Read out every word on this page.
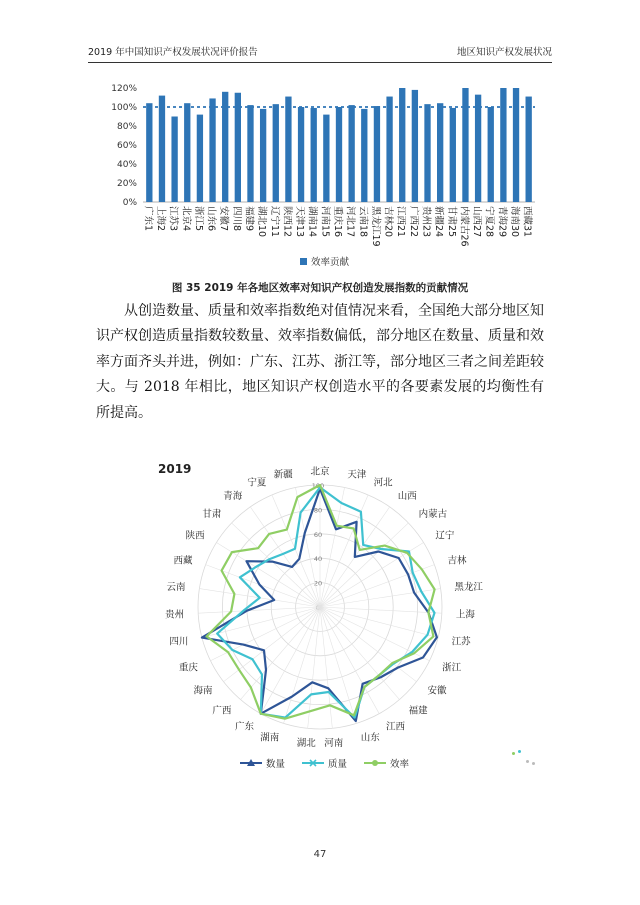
2019 年中国知识产权发展状况评价报告	地区知识产权发展状况
0%
20%
40%
60%
80%
100%
120%
广东1 上海2 江苏3 北京4 浙江5 山东6 安徽7 四川8 福建9 湖北10 辽宁11 陕西12 天津13 湖南14 河南15 重庆16 河北17 云南18 黑龙江19 吉林20 江西21 广西22 贵州23 新疆24 甘肃25 内蒙古26 山西27 宁夏28 青海29 海南30 西藏31
效率贡献
图 35 2019 年各地区效率对知识产权创造发展指数的贡献情况

从创造数量、质量和效率指数绝对值情况来看，全国绝大部分地区知识产权创造质量指数较数量、效率指数偏低，部分地区在数量、质量和效率方面齐头并进，例如：广东、江苏、浙江等，部分地区三者之间差距较大。与 2018 年相比，地区知识产权创造水平的各要素发展的均衡性有所提高。

2019
20
40
60
80
100
北京 天津
河北
山西
内蒙古
辽宁
吉林
黑龙江
上海
江苏
浙江
安徽
福建
江西
山东
河南
湖北
湖南
广东
广西
海南
重庆
四川
贵州
云南
西藏
陕西
甘肃
青海
宁夏
新疆
数量	质量	效率
47
